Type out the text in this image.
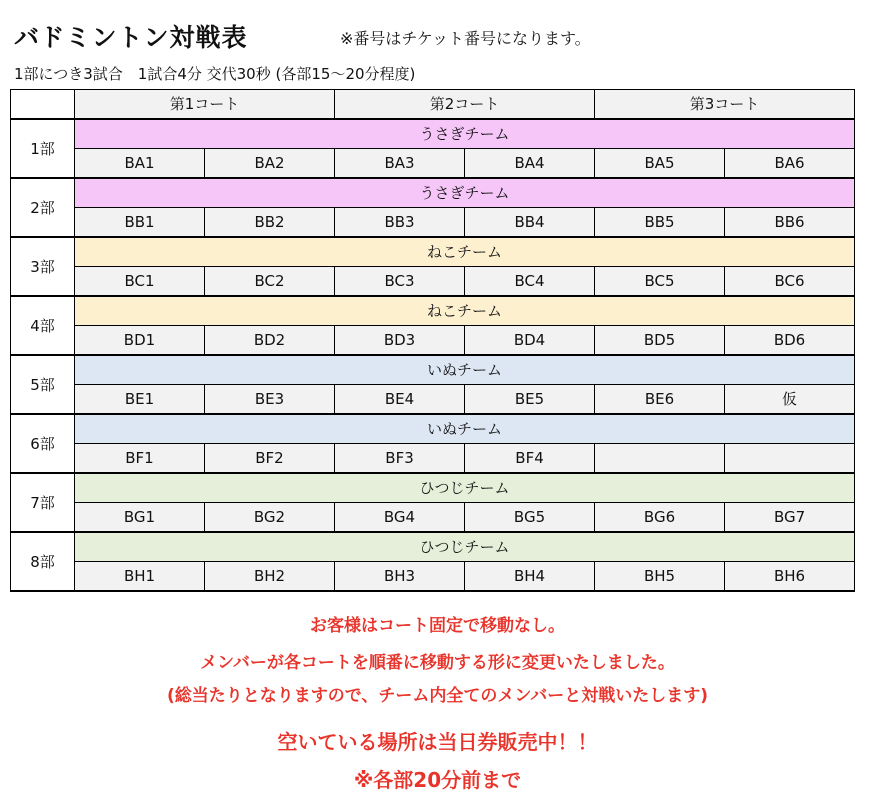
バドミントン対戦表	※番号はチケット番号になります。
1部につき3試合　1試合4分 交代30秒 (各部15～20分程度)
	第1コート		第2コート		第3コート	
1部	うさぎチーム					
	BA1	BA2	BA3	BA4	BA5	BA6
2部	うさぎチーム					
	BB1	BB2	BB3	BB4	BB5	BB6
3部	ねこチーム					
	BC1	BC2	BC3	BC4	BC5	BC6
4部	ねこチーム					
	BD1	BD2	BD3	BD4	BD5	BD6
5部	いぬチーム					
	BE1	BE3	BE4	BE5	BE6	仮
6部	いぬチーム					
	BF1	BF2	BF3	BF4		
7部	ひつじチーム					
	BG1	BG2	BG4	BG5	BG6	BG7
8部	ひつじチーム					
	BH1	BH2	BH3	BH4	BH5	BH6
お客様はコート固定で移動なし。
メンバーが各コートを順番に移動する形に変更いたしました。
(総当たりとなりますので、チーム内全てのメンバーと対戦いたします)
空いている場所は当日券販売中！！
※各部20分前まで
